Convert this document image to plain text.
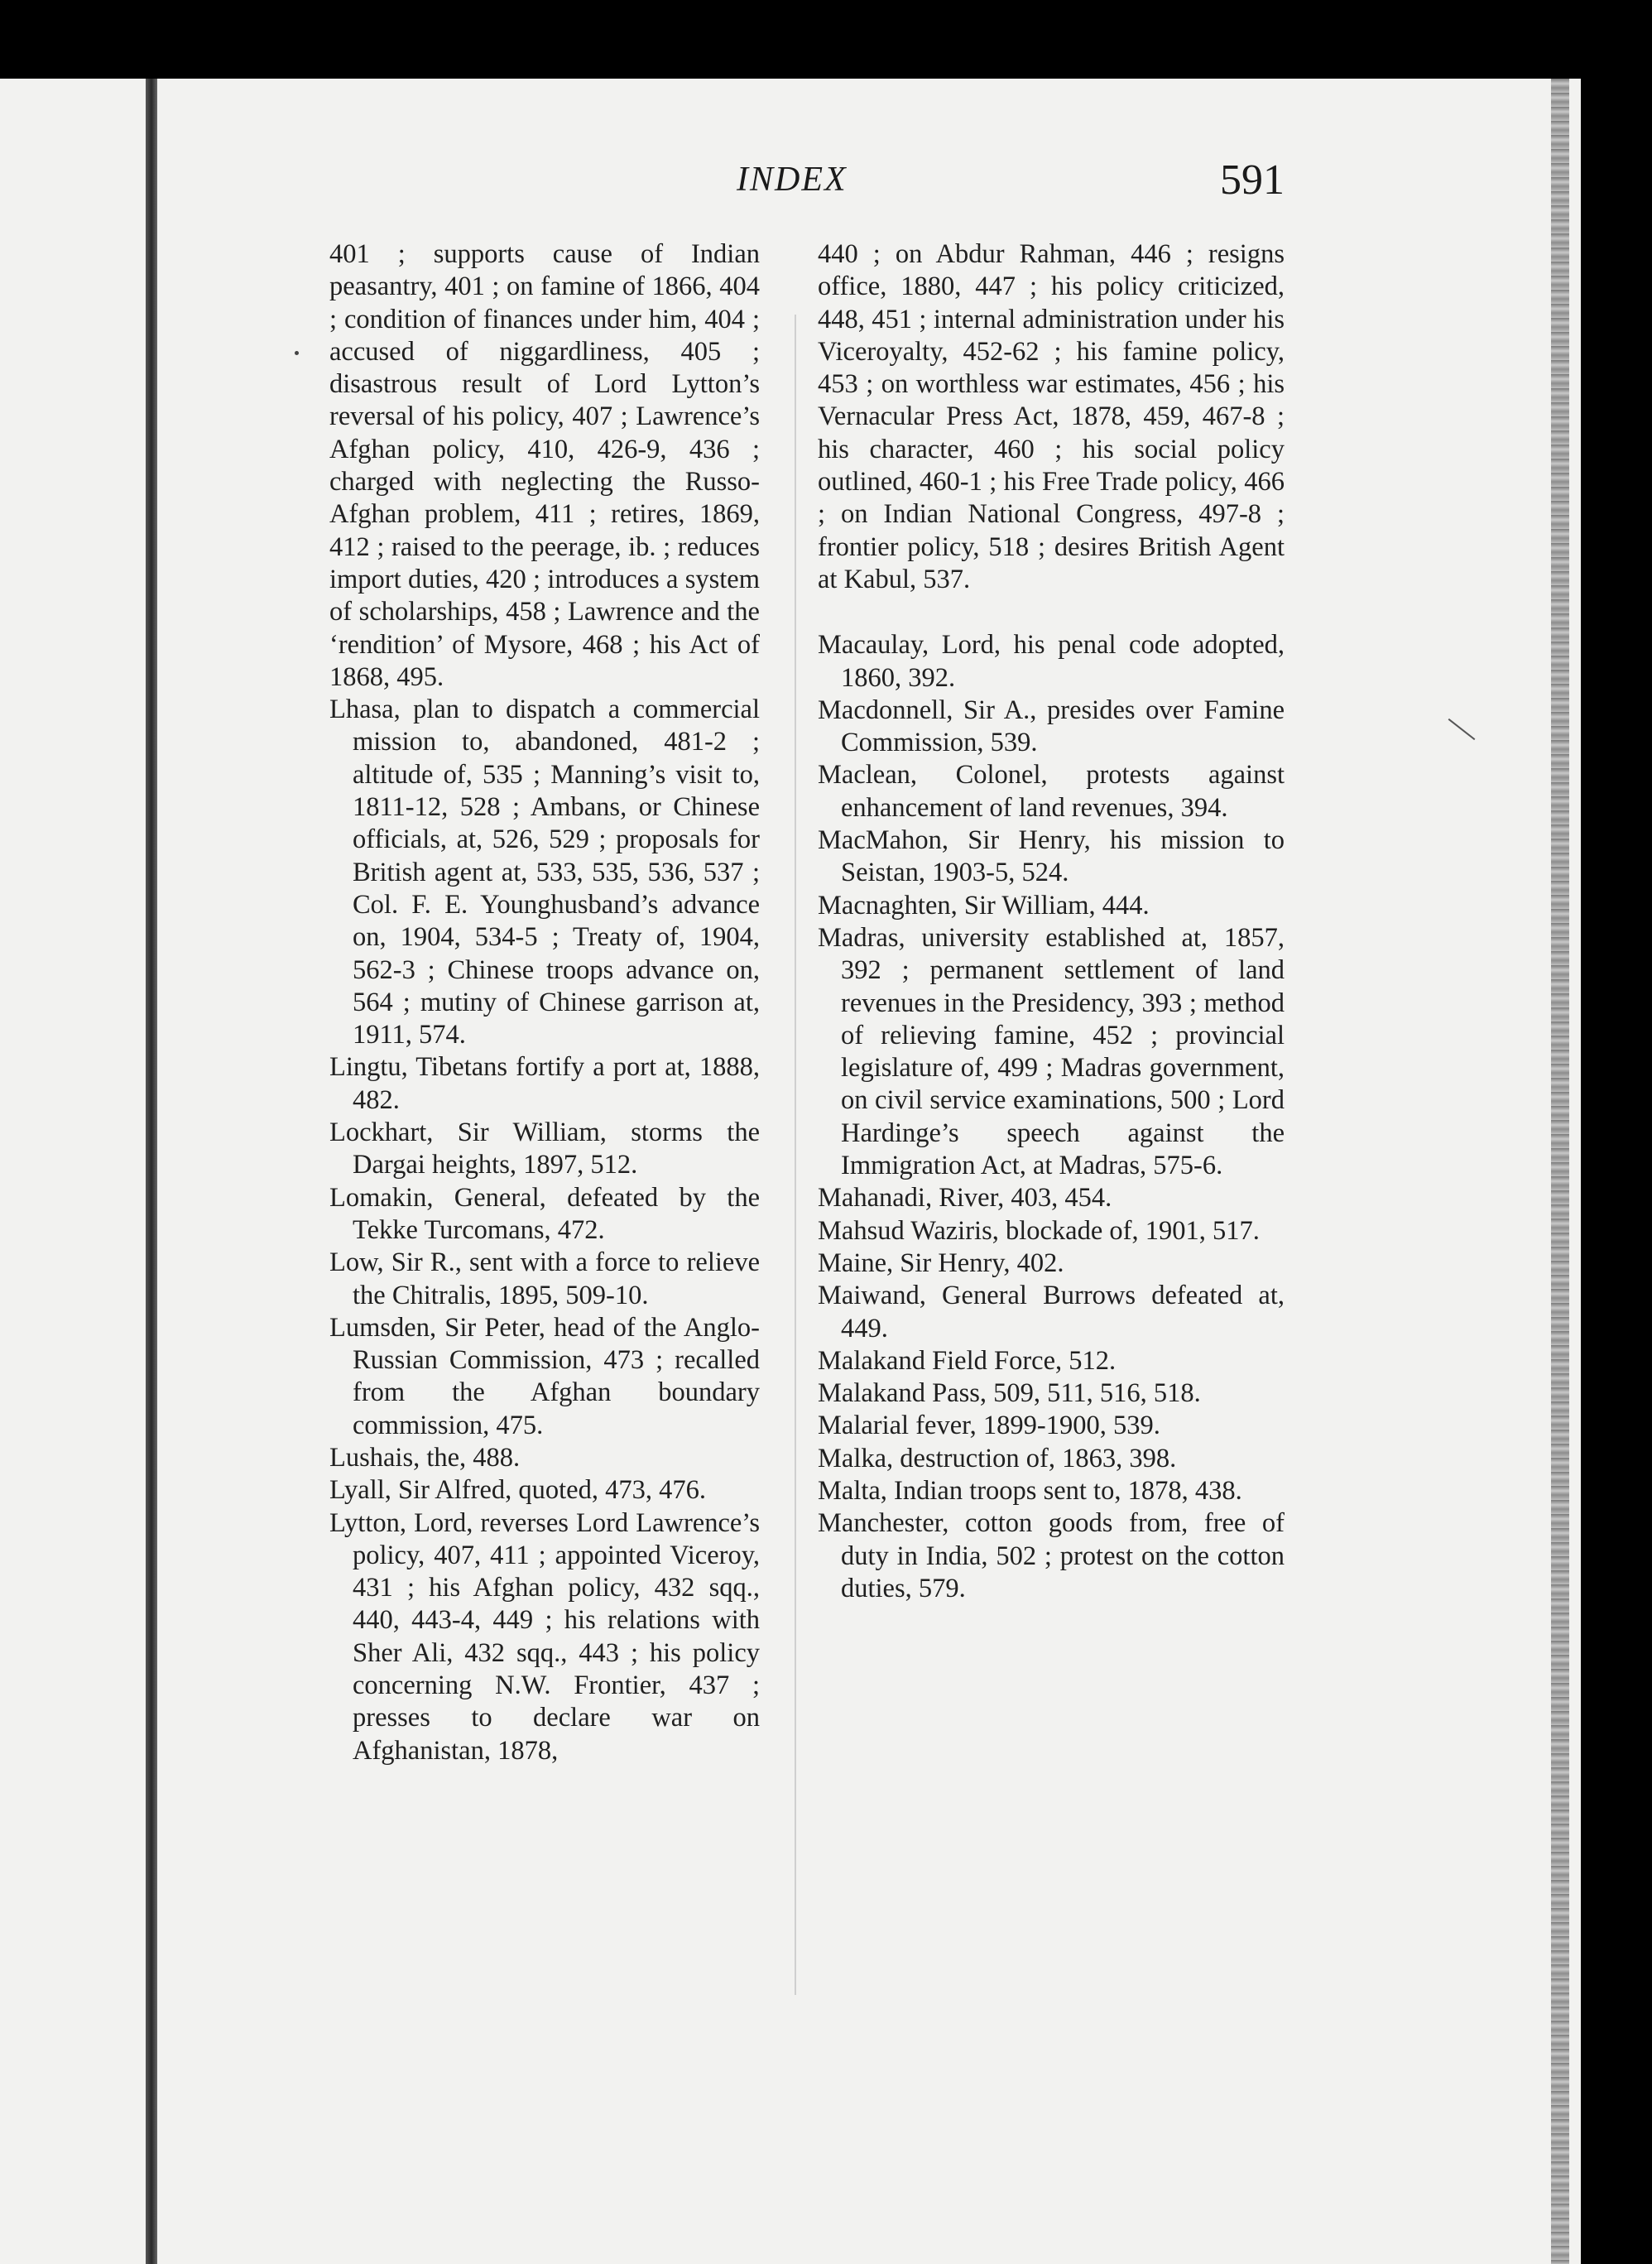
INDEX	591

401 ; supports cause of Indian peasantry, 401 ; on famine of 1866, 404 ; condition of finances under him, 404 ; accused of niggardliness, 405 ; disastrous result of Lord Lytton’s reversal of his policy, 407 ; Lawrence’s Afghan policy, 410, 426-9, 436 ; charged with neglecting the Russo-Afghan problem, 411 ; retires, 1869, 412 ; raised to the peerage, ib. ; reduces import duties, 420 ; introduces a system of scholarships, 458 ; Lawrence and the ‘rendition’ of Mysore, 468 ; his Act of 1868, 495.

Lhasa, plan to dispatch a commercial mission to, abandoned, 481-2 ; altitude of, 535 ; Manning’s visit to, 1811-12, 528 ; Ambans, or Chinese officials, at, 526, 529 ; proposals for British agent at, 533, 535, 536, 537 ; Col. F. E. Younghusband’s advance on, 1904, 534-5 ; Treaty of, 1904, 562-3 ; Chinese troops advance on, 564 ; mutiny of Chinese garrison at, 1911, 574.

Lingtu, Tibetans fortify a port at, 1888, 482.

Lockhart, Sir William, storms the Dargai heights, 1897, 512.

Lomakin, General, defeated by the Tekke Turcomans, 472.

Low, Sir R., sent with a force to relieve the Chitralis, 1895, 509-10.

Lumsden, Sir Peter, head of the Anglo-Russian Commission, 473 ; recalled from the Afghan boundary commission, 475.

Lushais, the, 488.

Lyall, Sir Alfred, quoted, 473, 476.

Lytton, Lord, reverses Lord Lawrence’s policy, 407, 411 ; appointed Viceroy, 431 ; his Afghan policy, 432 sqq., 440, 443-4, 449 ; his relations with Sher Ali, 432 sqq., 443 ; his policy concerning N.W. Frontier, 437 ; presses to declare war on Afghanistan, 1878,

440 ; on Abdur Rahman, 446 ; resigns office, 1880, 447 ; his policy criticized, 448, 451 ; internal administration under his Viceroyalty, 452-62 ; his famine policy, 453 ; on worthless war estimates, 456 ; his Vernacular Press Act, 1878, 459, 467-8 ; his character, 460 ; his social policy outlined, 460-1 ; his Free Trade policy, 466 ; on Indian National Congress, 497-8 ; frontier policy, 518 ; desires British Agent at Kabul, 537.

Macaulay, Lord, his penal code adopted, 1860, 392.

Macdonnell, Sir A., presides over Famine Commission, 539.

Maclean, Colonel, protests against enhancement of land revenues, 394.

MacMahon, Sir Henry, his mission to Seistan, 1903-5, 524.

Macnaghten, Sir William, 444.

Madras, university established at, 1857, 392 ; permanent settlement of land revenues in the Presidency, 393 ; method of relieving famine, 452 ; provincial legislature of, 499 ; Madras government, on civil service examinations, 500 ; Lord Hardinge’s speech against the Immigration Act, at Madras, 575-6.

Mahanadi, River, 403, 454.

Mahsud Waziris, blockade of, 1901, 517.

Maine, Sir Henry, 402.

Maiwand, General Burrows defeated at, 449.

Malakand Field Force, 512.

Malakand Pass, 509, 511, 516, 518.

Malarial fever, 1899-1900, 539.

Malka, destruction of, 1863, 398.

Malta, Indian troops sent to, 1878, 438.

Manchester, cotton goods from, free of duty in India, 502 ; protest on the cotton duties, 579.
